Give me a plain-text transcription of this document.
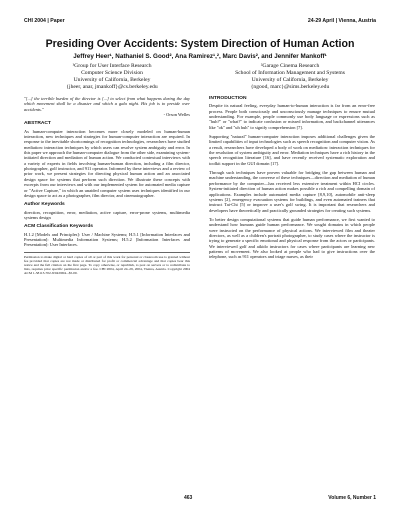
CHI 2004 | Paper	24-29 April | Vienna, Austria
Presiding Over Accidents: System Direction of Human Action
Jeffrey Heer¹, Nathaniel S. Good², Ana Ramirez¹,², Marc Davis², and Jennifer Mankoff¹
¹Group for User Interface Research
Computer Science Division
University of California, Berkeley
{jheer, anar, jmankoff}@cs.berkeley.edu
²Garage Cinema Research
School of Information Management and Systems
University of California, Berkeley
{ngood, marc}@sims.berkeley.edu
"[...] the terrible burden of the director is [...] to select from what happens during the day which movement shall be a disaster and which a gala night. His job is to preside over accidents."
- Orson Welles
ABSTRACT

As human-computer interaction becomes more closely modeled on human-human interaction, new techniques and strategies for human-computer interaction are required. In response to the inevitable shortcomings of recognition technologies, researchers have studied mediation: interaction techniques by which users can resolve system ambiguity and error. In this paper we approach the human-computer dialogue from the other side, examining system-initiated direction and mediation of human action. We conducted contextual interviews with a variety of experts in fields involving human-human direction, including a film director, photographer, golf instructor, and 911 operator. Informed by these interviews and a review of prior work, we present strategies for directing physical human action and an associated design space for systems that perform such direction. We illustrate these concepts with excerpts from our interviews and with our implemented system for automated media capture or "Active Capture," in which an unaided computer system uses techniques identified in our design space to act as a photographer, film director, and cinematographer.

Author Keywords

direction, recognition, error, mediation, active capture, error-prone systems, multimedia systems design

ACM Classification Keywords

H.1.2 [Models and Principles]: User / Machine Systems; H.5.1 [Information Interfaces and Presentation]: Multimedia Information Systems; H.5.2 [Information Interfaces and Presentation]: User Interfaces.

Permission to make digital or hard copies of all or part of this work for personal or classroom use is granted without fee provided that copies are not made or distributed for profit or commercial advantage and that copies bear this notice and the full citation on the first page. To copy otherwise, or republish, to post on servers or to redistribute to lists, requires prior specific permission and/or a fee. CHI 2004, April 24–29, 2004, Vienna, Austria. Copyright 2004 ACM 1-58113-702-8/04/0004...$5.00.
INTRODUCTION

Despite its natural feeling, everyday human-to-human interaction is far from an error-free process. People both consciously and unconsciously manage techniques to ensure mutual understanding. For example, people commonly use body language or expressions such as "huh?" or "what?" to indicate confusion or missed information, and backchannel utterances like "ok" and "uh huh" to signify comprehension [7].

Supporting "natural" human-computer interaction imposes additional challenges given the limited capabilities of input technologies such as speech recognition and computer vision. As a result, researchers have developed a body of work on mediation: interaction techniques for the resolution of system ambiguity and error. Mediation techniques have a rich history in the speech recognition literature [16], and have recently received systematic exploration and toolkit support in the GUI domain [17].

Through such techniques have proven valuable for bridging the gap between human and machine understanding, the converse of these techniques—direction and mediation of human performance by the computer—has received less extensive treatment within HCI circles. System-initiated direction of human action makes possible a rich and compelling domain of applications. Examples include automated media capture [8,9,10], automobile anti-sleep systems [2], emergency evacuation systems for buildings, and even automated trainers that instruct Tai-Chi [5] or improve a user's golf swing. It is important that researchers and developers have theoretically and practically grounded strategies for creating such systems.

To better design computational systems that guide human performance, we first wanted to understand how humans guide human performance. We sought domains in which people were instructed on the performance of physical actions. We interviewed film and theater directors, as well as a children's portrait photographer, to study cases where the instructor is trying to generate a specific emotional and physical response from the actors or participants. We interviewed golf and aikido instructors for cases where participants are learning new patterns of movement. We also looked at people who had to give instructions over the telephone, such as 911 operators and triage nurses, as their

463	Volume 6, Number 1
